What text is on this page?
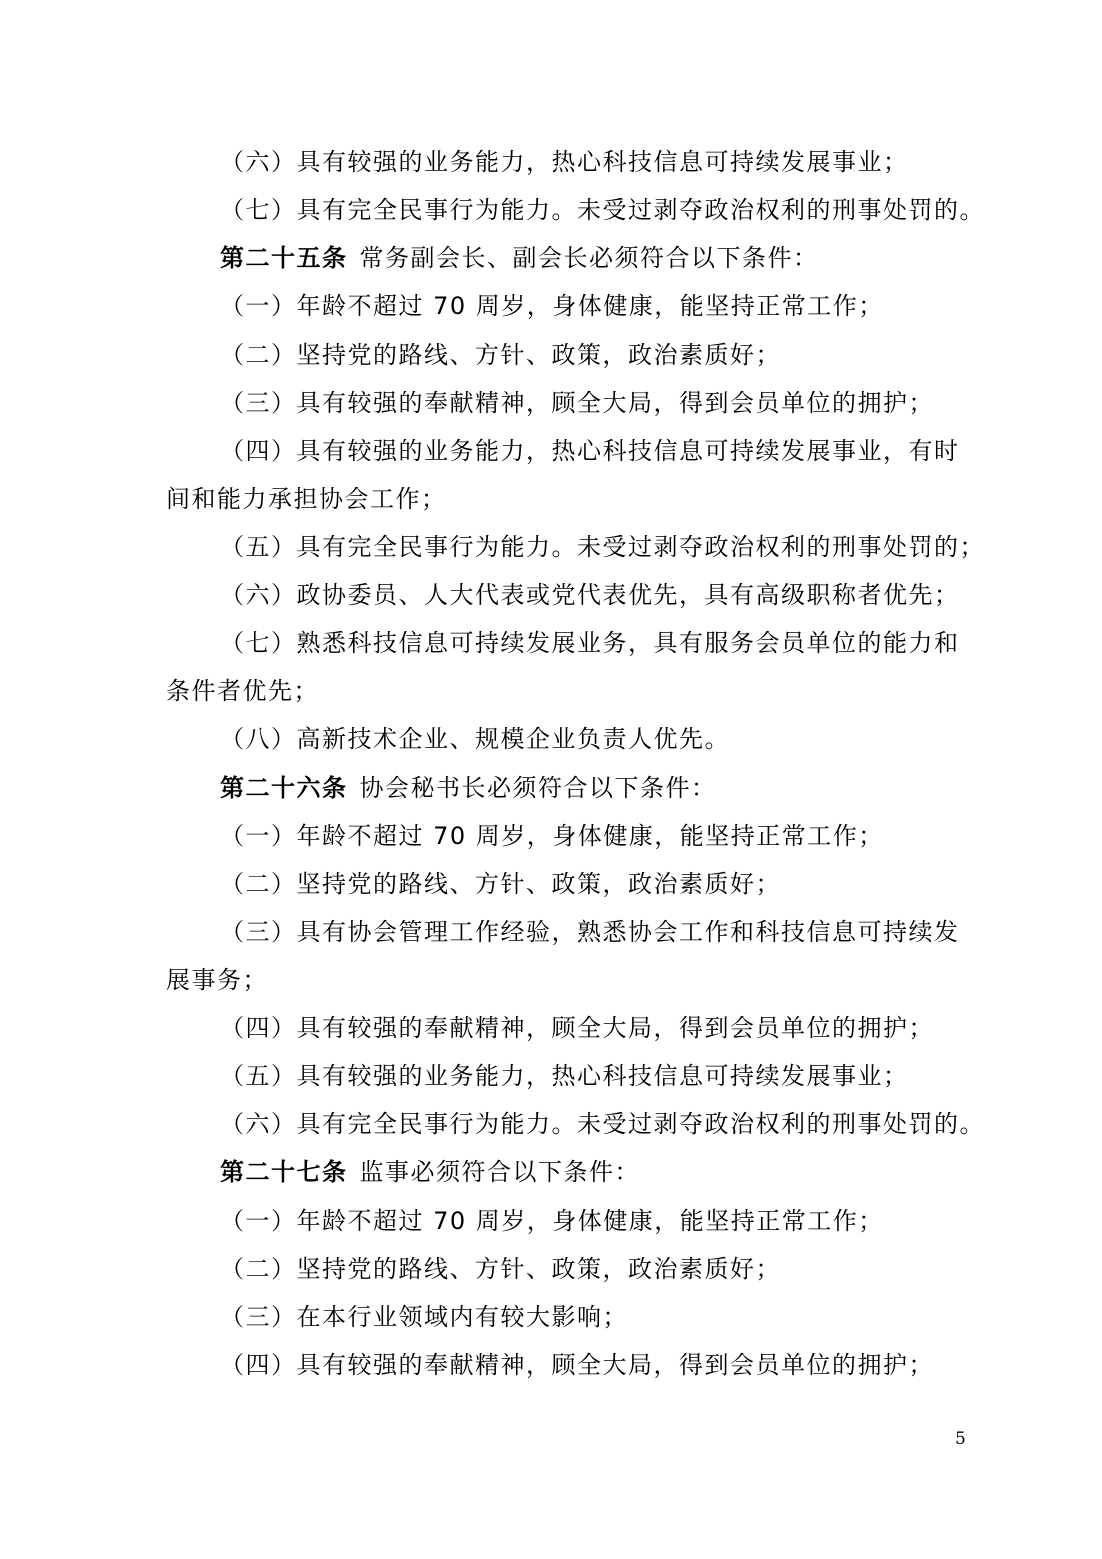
（六）具有较强的业务能力，热心科技信息可持续发展事业；
（七）具有完全民事行为能力。未受过剥夺政治权利的刑事处罚的。
第二十五条 常务副会长、副会长必须符合以下条件：
（一）年龄不超过 70 周岁，身体健康，能坚持正常工作；
（二）坚持党的路线、方针、政策，政治素质好；
（三）具有较强的奉献精神，顾全大局，得到会员单位的拥护；
（四）具有较强的业务能力，热心科技信息可持续发展事业，有时
间和能力承担协会工作；
（五）具有完全民事行为能力。未受过剥夺政治权利的刑事处罚的；
（六）政协委员、人大代表或党代表优先，具有高级职称者优先；
（七）熟悉科技信息可持续发展业务，具有服务会员单位的能力和
条件者优先；
（八）高新技术企业、规模企业负责人优先。
第二十六条 协会秘书长必须符合以下条件：
（一）年龄不超过 70 周岁，身体健康，能坚持正常工作；
（二）坚持党的路线、方针、政策，政治素质好；
（三）具有协会管理工作经验，熟悉协会工作和科技信息可持续发
展事务；
（四）具有较强的奉献精神，顾全大局，得到会员单位的拥护；
（五）具有较强的业务能力，热心科技信息可持续发展事业；
（六）具有完全民事行为能力。未受过剥夺政治权利的刑事处罚的。
第二十七条 监事必须符合以下条件：
（一）年龄不超过 70 周岁，身体健康，能坚持正常工作；
（二）坚持党的路线、方针、政策，政治素质好；
（三）在本行业领域内有较大影响；
（四）具有较强的奉献精神，顾全大局，得到会员单位的拥护；
5
